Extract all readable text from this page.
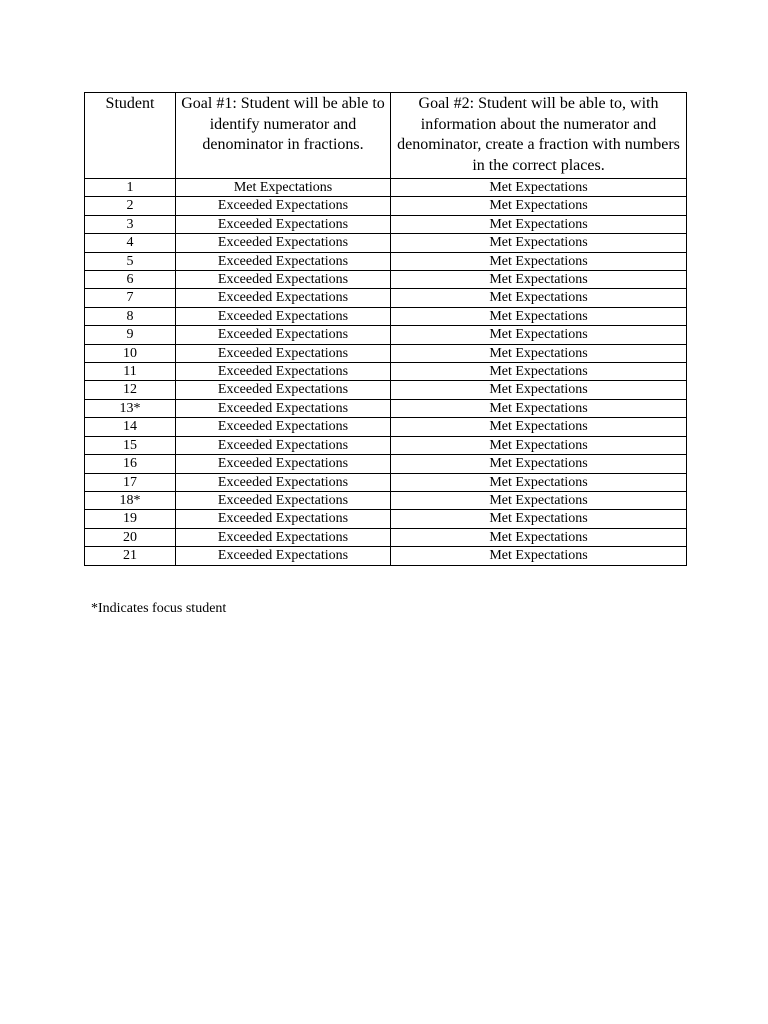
Student	Goal #1: Student will be able to identify numerator and denominator in fractions.	Goal #2: Student will be able to, with information about the numerator and denominator, create a fraction with numbers in the correct places.
1	Met Expectations	Met Expectations
2	Exceeded Expectations	Met Expectations
3	Exceeded Expectations	Met Expectations
4	Exceeded Expectations	Met Expectations
5	Exceeded Expectations	Met Expectations
6	Exceeded Expectations	Met Expectations
7	Exceeded Expectations	Met Expectations
8	Exceeded Expectations	Met Expectations
9	Exceeded Expectations	Met Expectations
10	Exceeded Expectations	Met Expectations
11	Exceeded Expectations	Met Expectations
12	Exceeded Expectations	Met Expectations
13*	Exceeded Expectations	Met Expectations
14	Exceeded Expectations	Met Expectations
15	Exceeded Expectations	Met Expectations
16	Exceeded Expectations	Met Expectations
17	Exceeded Expectations	Met Expectations
18*	Exceeded Expectations	Met Expectations
19	Exceeded Expectations	Met Expectations
20	Exceeded Expectations	Met Expectations
21	Exceeded Expectations	Met Expectations
*Indicates focus student
